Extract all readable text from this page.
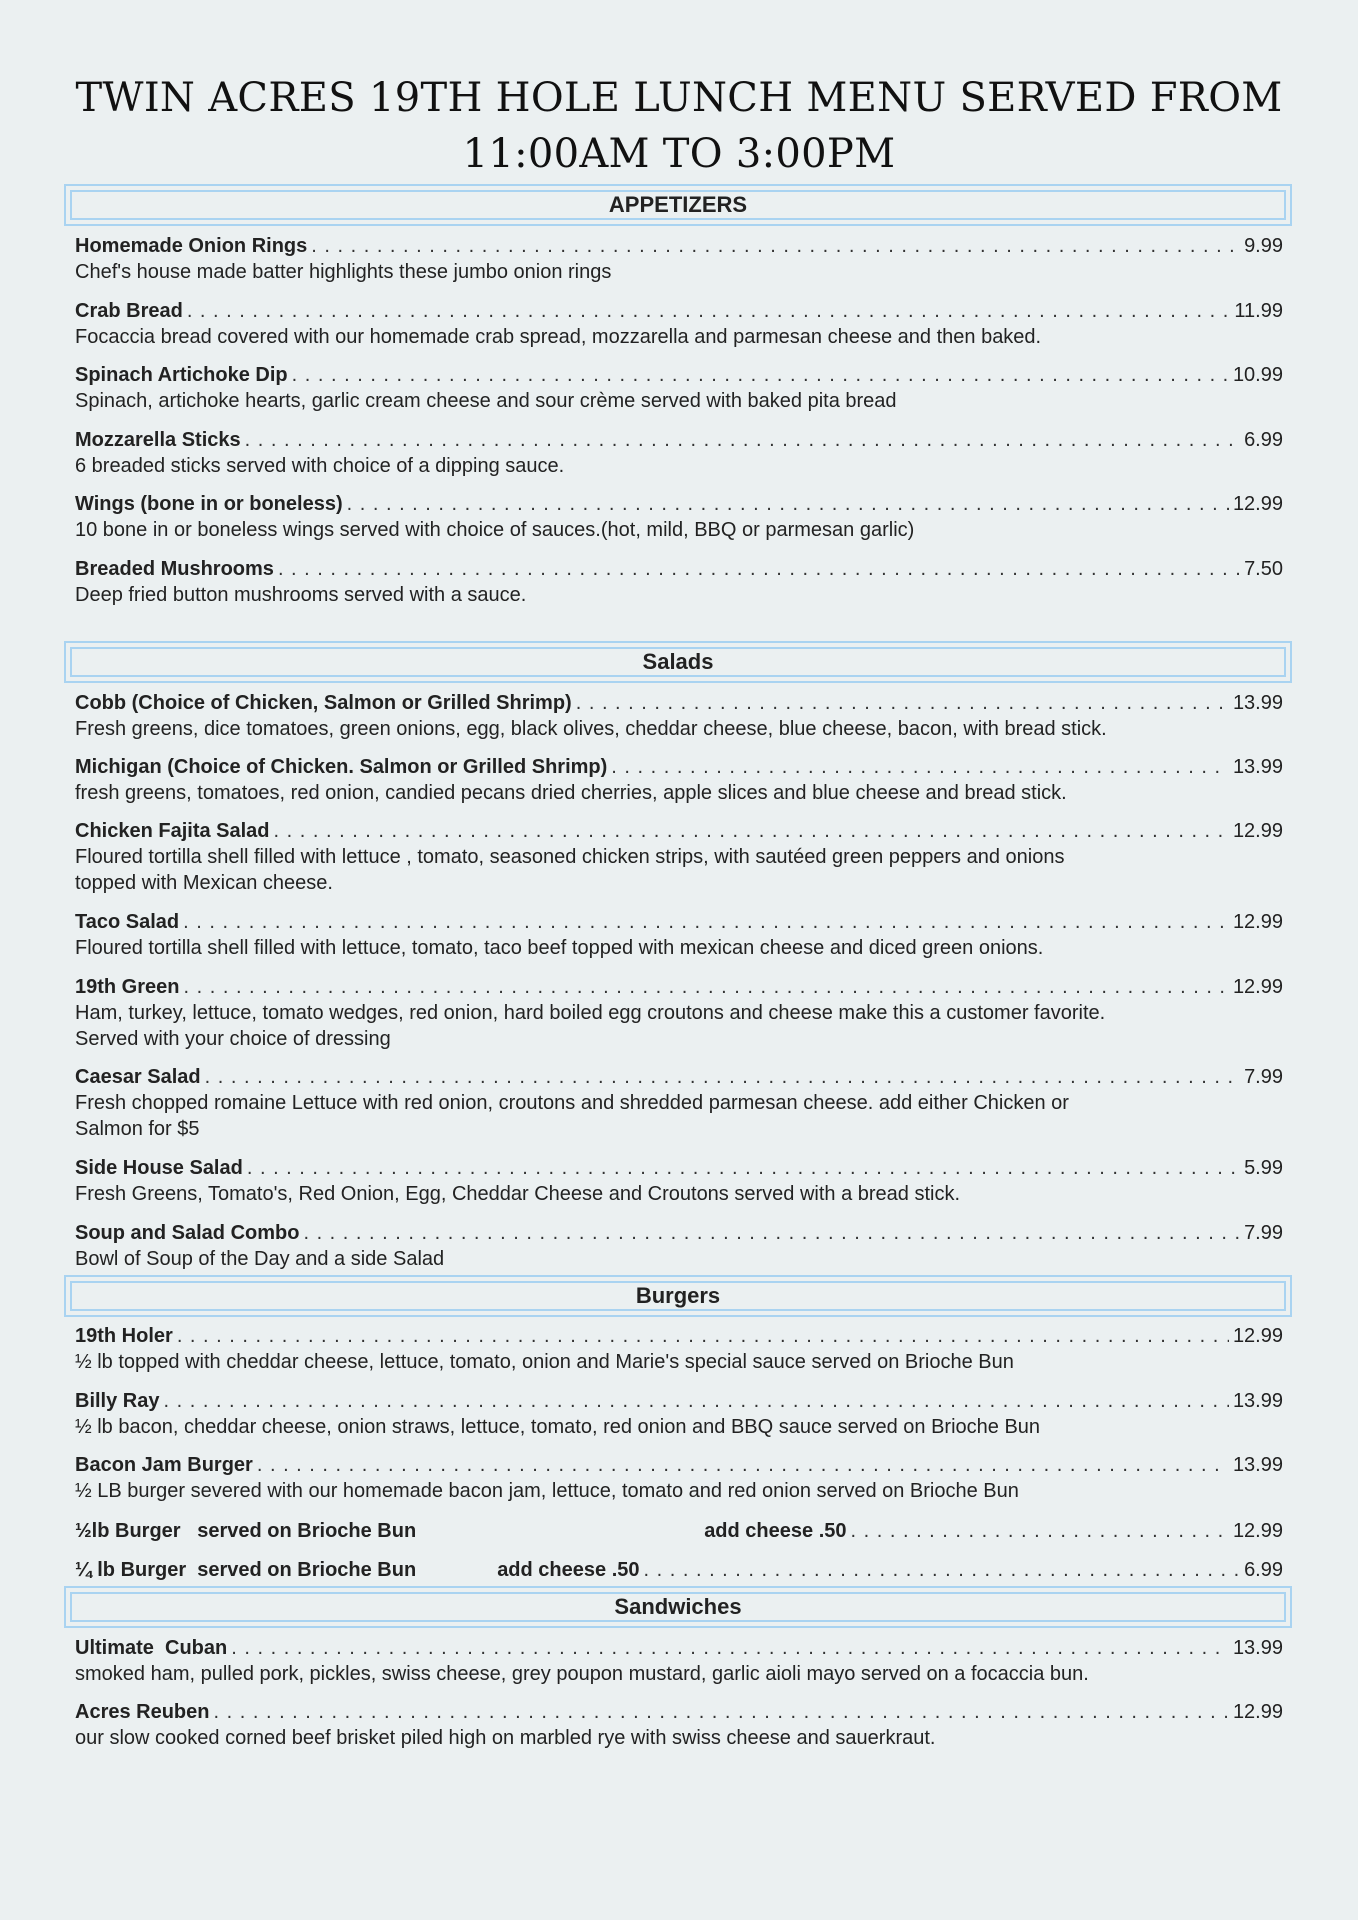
TWIN ACRES 19TH HOLE LUNCH MENU SERVED FROM
11:00AM TO 3:00PM
APPETIZERS
Homemade Onion Rings . . .	9.99
Chef's house made batter highlights these jumbo onion rings
Crab Bread . . .	11.99
Focaccia bread covered with our homemade crab spread, mozzarella and parmesan cheese and then baked.
Spinach Artichoke Dip . . .	10.99
Spinach, artichoke hearts, garlic cream cheese and sour crème served with baked pita bread
Mozzarella Sticks . . .	6.99
6 breaded sticks served with choice of a dipping sauce.
Wings (bone in or boneless) . . .	12.99
10 bone in or boneless wings served with choice of sauces.(hot, mild, BBQ or parmesan garlic)
Breaded Mushrooms . . .	7.50
Deep fried button mushrooms served with a sauce.
Salads
Cobb (Choice of Chicken, Salmon or Grilled Shrimp) . . .	13.99
Fresh greens, dice tomatoes, green onions, egg, black olives, cheddar cheese, blue cheese, bacon, with bread stick.
Michigan (Choice of Chicken. Salmon or Grilled Shrimp) . . .	13.99
fresh greens, tomatoes, red onion, candied pecans dried cherries, apple slices and blue cheese and bread stick.
Chicken Fajita Salad . . .	12.99
Floured tortilla shell filled with lettuce , tomato, seasoned chicken strips, with sautéed green peppers and onions
topped with Mexican cheese.
Taco Salad . . .	12.99
Floured tortilla shell filled with lettuce, tomato, taco beef topped with mexican cheese and diced green onions.
19th Green . . .	12.99
Ham, turkey, lettuce, tomato wedges, red onion, hard boiled egg croutons and cheese make this a customer favorite.
Served with your choice of dressing
Caesar Salad . . .	7.99
Fresh chopped romaine Lettuce with red onion, croutons and shredded parmesan cheese. add either Chicken or
Salmon for $5
Side House Salad . . .	5.99
Fresh Greens, Tomato's, Red Onion, Egg, Cheddar Cheese and Croutons served with a bread stick.
Soup and Salad Combo . . .	7.99
Bowl of Soup of the Day and a side Salad
Burgers
19th Holer . . .	12.99
½ lb topped with cheddar cheese, lettuce, tomato, onion and Marie's special sauce served on Brioche Bun
Billy Ray . . .	13.99
½ lb bacon, cheddar cheese, onion straws, lettuce, tomato, red onion and BBQ sauce served on Brioche Bun
Bacon Jam Burger . . .	13.99
½ LB burger severed with our homemade bacon jam, lettuce, tomato and red onion served on Brioche Bun
½lb Burger   served on Brioche Bun	add cheese .50 . . .	12.99
¼ lb Burger  served on Brioche Bun	add cheese .50 . . .	6.99
Sandwiches
Ultimate  Cuban . . .	13.99
smoked ham, pulled pork, pickles, swiss cheese, grey poupon mustard, garlic aioli mayo served on a focaccia bun.
Acres Reuben . . .	12.99
our slow cooked corned beef brisket piled high on marbled rye with swiss cheese and sauerkraut.
